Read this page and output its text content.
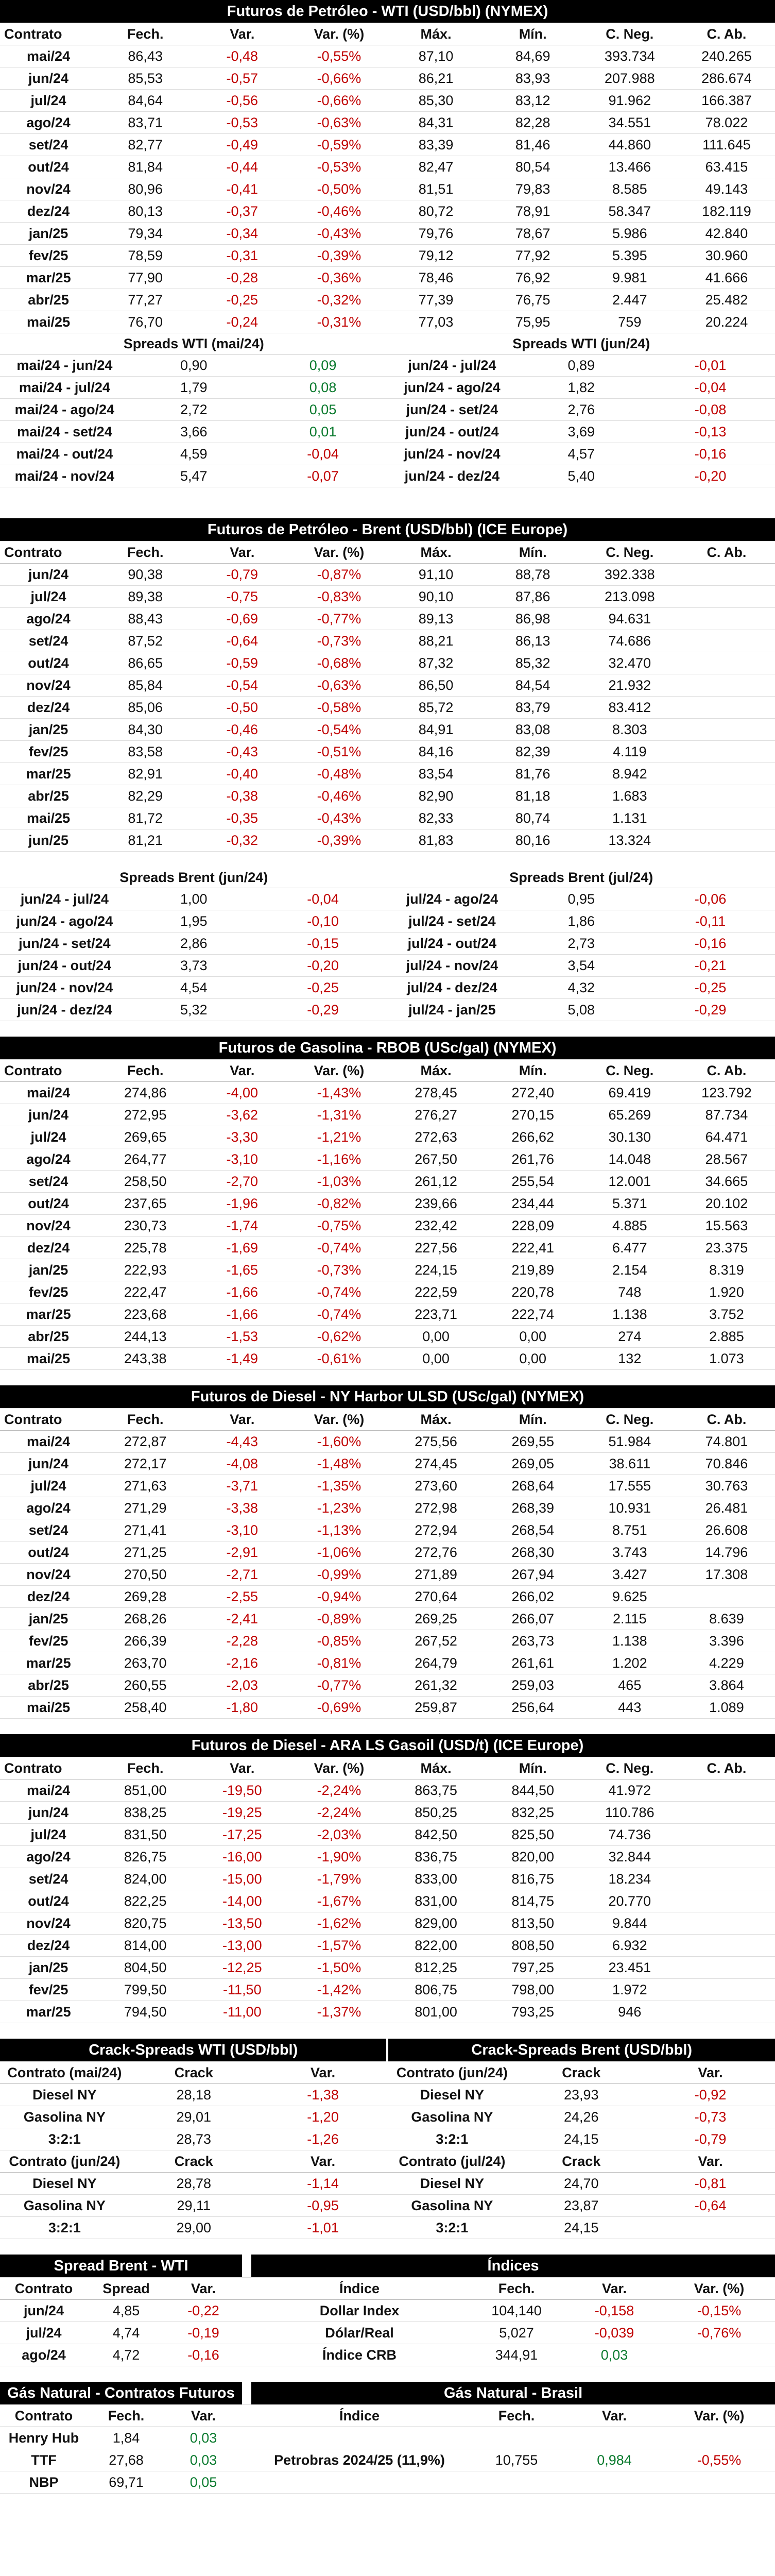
Futuros de Petróleo - WTI (USD/bbl) (NYMEX)							
Contrato	Fech.	Var.	Var. (%)	Máx.	Mín.	C. Neg.	C. Ab.
mai/24	86,43	-0,48	-0,55%	87,10	84,69	393.734	240.265
jun/24	85,53	-0,57	-0,66%	86,21	83,93	207.988	286.674
jul/24	84,64	-0,56	-0,66%	85,30	83,12	91.962	166.387
ago/24	83,71	-0,53	-0,63%	84,31	82,28	34.551	78.022
set/24	82,77	-0,49	-0,59%	83,39	81,46	44.860	111.645
out/24	81,84	-0,44	-0,53%	82,47	80,54	13.466	63.415
nov/24	80,96	-0,41	-0,50%	81,51	79,83	8.585	49.143
dez/24	80,13	-0,37	-0,46%	80,72	78,91	58.347	182.119
jan/25	79,34	-0,34	-0,43%	79,76	78,67	5.986	42.840
fev/25	78,59	-0,31	-0,39%	79,12	77,92	5.395	30.960
mar/25	77,90	-0,28	-0,36%	78,46	76,92	9.981	41.666
abr/25	77,27	-0,25	-0,32%	77,39	76,75	2.447	25.482
mai/25	76,70	-0,24	-0,31%	77,03	75,95	759	20.224
Spreads WTI (mai/24)			Spreads WTI (jun/24)		
mai/24 - jun/24	0,90	0,09	jun/24 - jul/24	0,89	-0,01
mai/24 - jul/24	1,79	0,08	jun/24 - ago/24	1,82	-0,04
mai/24 - ago/24	2,72	0,05	jun/24 - set/24	2,76	-0,08
mai/24 - set/24	3,66	0,01	jun/24 - out/24	3,69	-0,13
mai/24 - out/24	4,59	-0,04	jun/24 - nov/24	4,57	-0,16
mai/24 - nov/24	5,47	-0,07	jun/24 - dez/24	5,40	-0,20
Futuros de Petróleo - Brent (USD/bbl) (ICE Europe)							
Contrato	Fech.	Var.	Var. (%)	Máx.	Mín.	C. Neg.	C. Ab.
jun/24	90,38	-0,79	-0,87%	91,10	88,78	392.338	
jul/24	89,38	-0,75	-0,83%	90,10	87,86	213.098	
ago/24	88,43	-0,69	-0,77%	89,13	86,98	94.631	
set/24	87,52	-0,64	-0,73%	88,21	86,13	74.686	
out/24	86,65	-0,59	-0,68%	87,32	85,32	32.470	
nov/24	85,84	-0,54	-0,63%	86,50	84,54	21.932	
dez/24	85,06	-0,50	-0,58%	85,72	83,79	83.412	
jan/25	84,30	-0,46	-0,54%	84,91	83,08	8.303	
fev/25	83,58	-0,43	-0,51%	84,16	82,39	4.119	
mar/25	82,91	-0,40	-0,48%	83,54	81,76	8.942	
abr/25	82,29	-0,38	-0,46%	82,90	81,18	1.683	
mai/25	81,72	-0,35	-0,43%	82,33	80,74	1.131	
jun/25	81,21	-0,32	-0,39%	81,83	80,16	13.324	
Spreads Brent (jun/24)			Spreads Brent (jul/24)		
jun/24 - jul/24	1,00	-0,04	jul/24 - ago/24	0,95	-0,06
jun/24 - ago/24	1,95	-0,10	jul/24 - set/24	1,86	-0,11
jun/24 - set/24	2,86	-0,15	jul/24 - out/24	2,73	-0,16
jun/24 - out/24	3,73	-0,20	jul/24 - nov/24	3,54	-0,21
jun/24 - nov/24	4,54	-0,25	jul/24 - dez/24	4,32	-0,25
jun/24 - dez/24	5,32	-0,29	jul/24 - jan/25	5,08	-0,29
Futuros de Gasolina - RBOB (USc/gal) (NYMEX)							
Contrato	Fech.	Var.	Var. (%)	Máx.	Mín.	C. Neg.	C. Ab.
mai/24	274,86	-4,00	-1,43%	278,45	272,40	69.419	123.792
jun/24	272,95	-3,62	-1,31%	276,27	270,15	65.269	87.734
jul/24	269,65	-3,30	-1,21%	272,63	266,62	30.130	64.471
ago/24	264,77	-3,10	-1,16%	267,50	261,76	14.048	28.567
set/24	258,50	-2,70	-1,03%	261,12	255,54	12.001	34.665
out/24	237,65	-1,96	-0,82%	239,66	234,44	5.371	20.102
nov/24	230,73	-1,74	-0,75%	232,42	228,09	4.885	15.563
dez/24	225,78	-1,69	-0,74%	227,56	222,41	6.477	23.375
jan/25	222,93	-1,65	-0,73%	224,15	219,89	2.154	8.319
fev/25	222,47	-1,66	-0,74%	222,59	220,78	748	1.920
mar/25	223,68	-1,66	-0,74%	223,71	222,74	1.138	3.752
abr/25	244,13	-1,53	-0,62%	0,00	0,00	274	2.885
mai/25	243,38	-1,49	-0,61%	0,00	0,00	132	1.073
Futuros de Diesel - NY Harbor ULSD (USc/gal) (NYMEX)							
Contrato	Fech.	Var.	Var. (%)	Máx.	Mín.	C. Neg.	C. Ab.
mai/24	272,87	-4,43	-1,60%	275,56	269,55	51.984	74.801
jun/24	272,17	-4,08	-1,48%	274,45	269,05	38.611	70.846
jul/24	271,63	-3,71	-1,35%	273,60	268,64	17.555	30.763
ago/24	271,29	-3,38	-1,23%	272,98	268,39	10.931	26.481
set/24	271,41	-3,10	-1,13%	272,94	268,54	8.751	26.608
out/24	271,25	-2,91	-1,06%	272,76	268,30	3.743	14.796
nov/24	270,50	-2,71	-0,99%	271,89	267,94	3.427	17.308
dez/24	269,28	-2,55	-0,94%	270,64	266,02	9.625	
jan/25	268,26	-2,41	-0,89%	269,25	266,07	2.115	8.639
fev/25	266,39	-2,28	-0,85%	267,52	263,73	1.138	3.396
mar/25	263,70	-2,16	-0,81%	264,79	261,61	1.202	4.229
abr/25	260,55	-2,03	-0,77%	261,32	259,03	465	3.864
mai/25	258,40	-1,80	-0,69%	259,87	256,64	443	1.089
Futuros de Diesel - ARA LS Gasoil (USD/t) (ICE Europe)							
Contrato	Fech.	Var.	Var. (%)	Máx.	Mín.	C. Neg.	C. Ab.
mai/24	851,00	-19,50	-2,24%	863,75	844,50	41.972	
jun/24	838,25	-19,25	-2,24%	850,25	832,25	110.786	
jul/24	831,50	-17,25	-2,03%	842,50	825,50	74.736	
ago/24	826,75	-16,00	-1,90%	836,75	820,00	32.844	
set/24	824,00	-15,00	-1,79%	833,00	816,75	18.234	
out/24	822,25	-14,00	-1,67%	831,00	814,75	20.770	
nov/24	820,75	-13,50	-1,62%	829,00	813,50	9.844	
dez/24	814,00	-13,00	-1,57%	822,00	808,50	6.932	
jan/25	804,50	-12,25	-1,50%	812,25	797,25	23.451	
fev/25	799,50	-11,50	-1,42%	806,75	798,00	1.972	
mar/25	794,50	-11,00	-1,37%	801,00	793,25	946	
Crack-Spreads WTI (USD/bbl)			Crack-Spreads Brent (USD/bbl)		
Contrato (mai/24)	Crack	Var.	Contrato (jun/24)	Crack	Var.
Diesel NY	28,18	-1,38	Diesel NY	23,93	-0,92
Gasolina NY	29,01	-1,20	Gasolina NY	24,26	-0,73
3:2:1	28,73	-1,26	3:2:1	24,15	-0,79
Contrato (jun/24)	Crack	Var.	Contrato (jul/24)	Crack	Var.
Diesel NY	28,78	-1,14	Diesel NY	24,70	-0,81
Gasolina NY	29,11	-0,95	Gasolina NY	23,87	-0,64
3:2:1	29,00	-1,01	3:2:1	24,15	
Spread Brent - WTI				Índices			
Contrato	Spread	Var.		Índice	Fech.	Var.	Var. (%)
jun/24	4,85	-0,22		Dollar Index	104,140	-0,158	-0,15%
jul/24	4,74	-0,19		Dólar/Real	5,027	-0,039	-0,76%
ago/24	4,72	-0,16		Índice CRB	344,91	0,03	
Gás Natural - Contratos Futuros				Gás Natural - Brasil			
Contrato	Fech.	Var.		Índice	Fech.	Var.	Var. (%)
Henry Hub	1,84	0,03					
TTF	27,68	0,03		Petrobras 2024/25 (11,9%)	10,755	0,984	-0,55%
NBP	69,71	0,05					
